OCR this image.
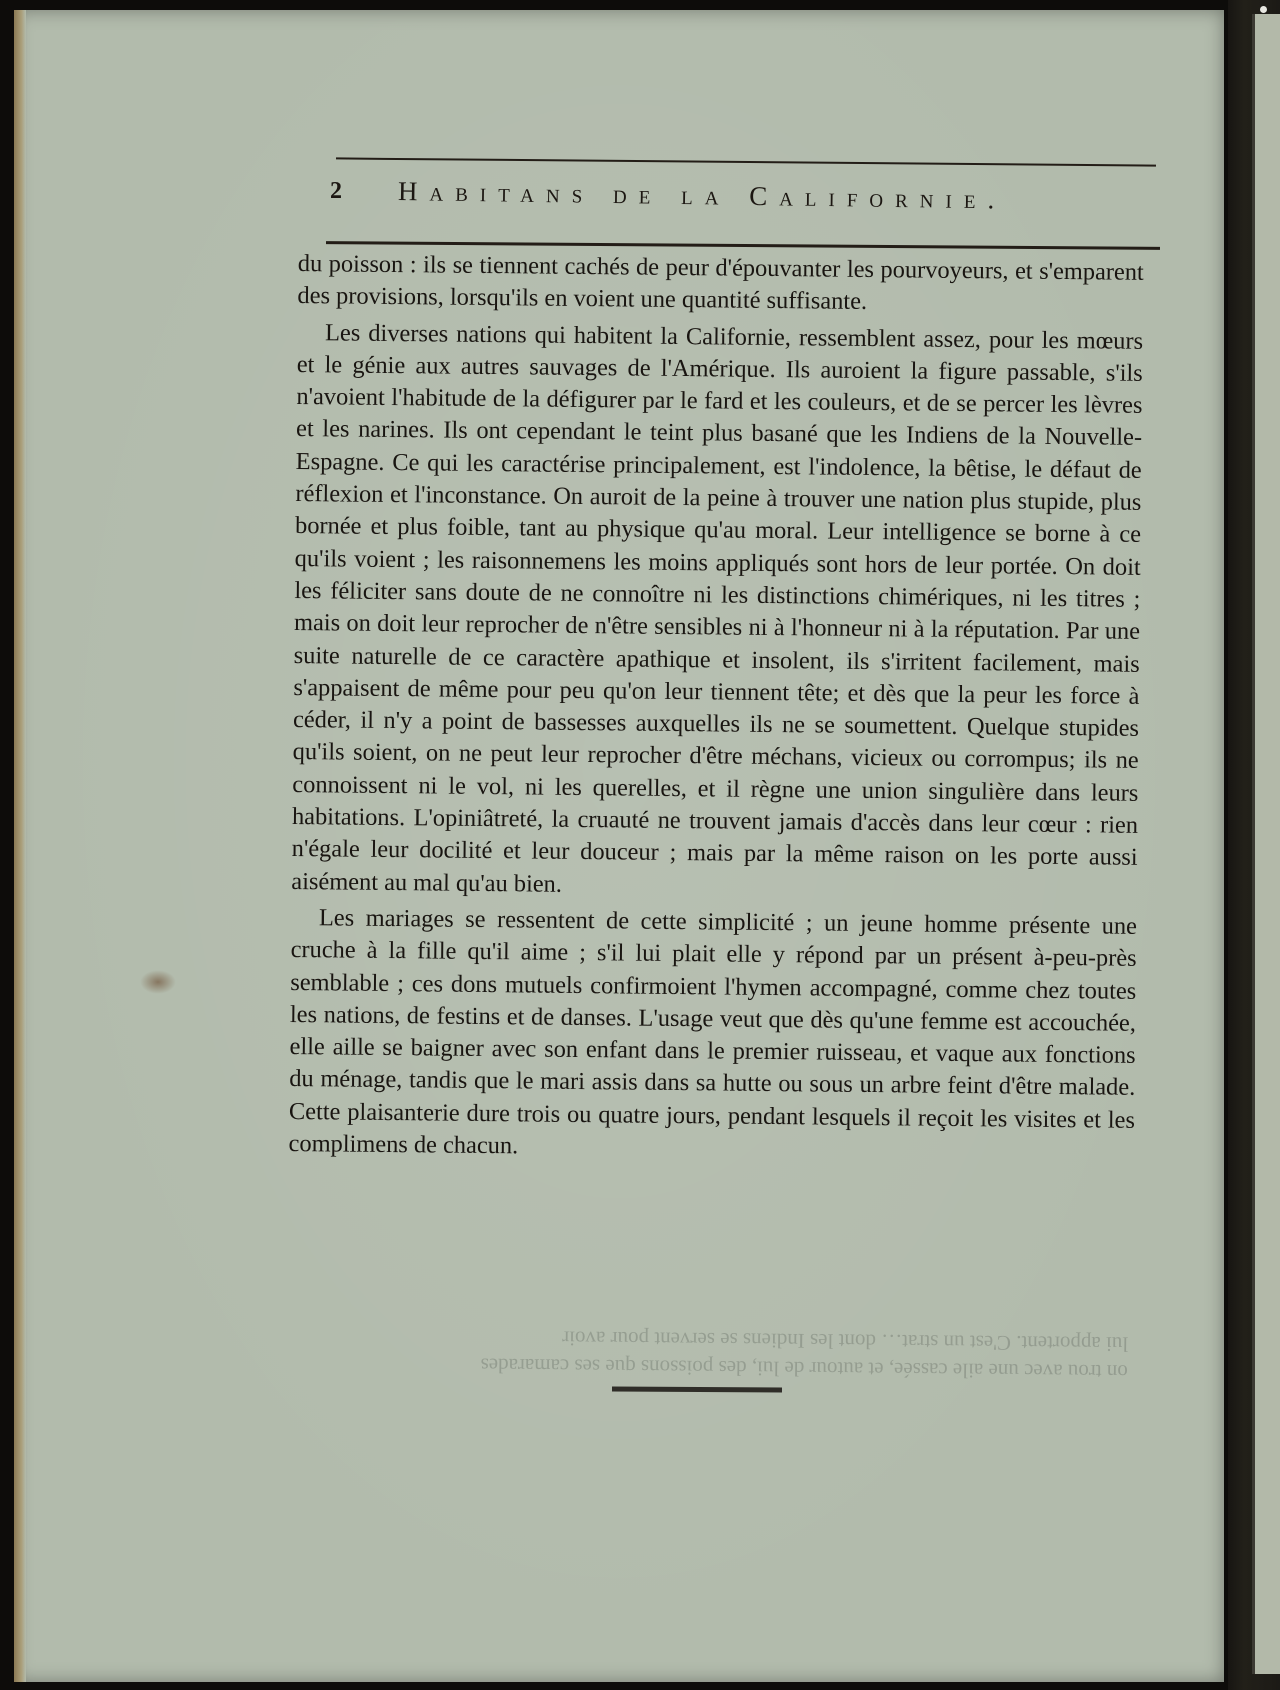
2 Habitans de la Californie.

du poisson : ils se tiennent cachés de peur d'épouvanter les pourvoyeurs, et s'emparent des provisions, lorsqu'ils en voient une quantité suffisante.

Les diverses nations qui habitent la Californie, ressemblent assez, pour les mœurs et le génie aux autres sauvages de l'Amérique. Ils auroient la figure passable, s'ils n'avoient l'habitude de la défigurer par le fard et les couleurs, et de se percer les lèvres et les narines. Ils ont cependant le teint plus basané que les Indiens de la Nouvelle-Espagne. Ce qui les caractérise principalement, est l'indolence, la bêtise, le défaut de réflexion et l'inconstance. On auroit de la peine à trouver une nation plus stupide, plus bornée et plus foible, tant au physique qu'au moral. Leur intelligence se borne à ce qu'ils voient ; les raisonnemens les moins appliqués sont hors de leur portée. On doit les féliciter sans doute de ne connoître ni les distinctions chimériques, ni les titres ; mais on doit leur reprocher de n'être sensibles ni à l'honneur ni à la réputation. Par une suite naturelle de ce caractère apathique et insolent, ils s'irritent facilement, mais s'appaisent de même pour peu qu'on leur tiennent tête; et dès que la peur les force à céder, il n'y a point de bassesses auxquelles ils ne se soumettent. Quelque stupides qu'ils soient, on ne peut leur reprocher d'être méchans, vicieux ou corrompus; ils ne connoissent ni le vol, ni les querelles, et il règne une union singulière dans leurs habitations. L'opiniâtreté, la cruauté ne trouvent jamais d'accès dans leur cœur : rien n'égale leur docilité et leur douceur ; mais par la même raison on les porte aussi aisément au mal qu'au bien.

Les mariages se ressentent de cette simplicité ; un jeune homme présente une cruche à la fille qu'il aime ; s'il lui plait elle y répond par un présent à-peu-près semblable ; ces dons mutuels confirmoient l'hymen accompagné, comme chez toutes les nations, de festins et de danses. L'usage veut que dès qu'une femme est accouchée, elle aille se baigner avec son enfant dans le premier ruisseau, et vaque aux fonctions du ménage, tandis que le mari assis dans sa hutte ou sous un arbre feint d'être malade. Cette plaisanterie dure trois ou quatre jours, pendant lesquels il reçoit les visites et les complimens de chacun.

on trou avec une aile cassée, et autour de lui, des poissons que ses camarades

lui apportent. C'est un strat… dont les Indiens se servent pour avoir
